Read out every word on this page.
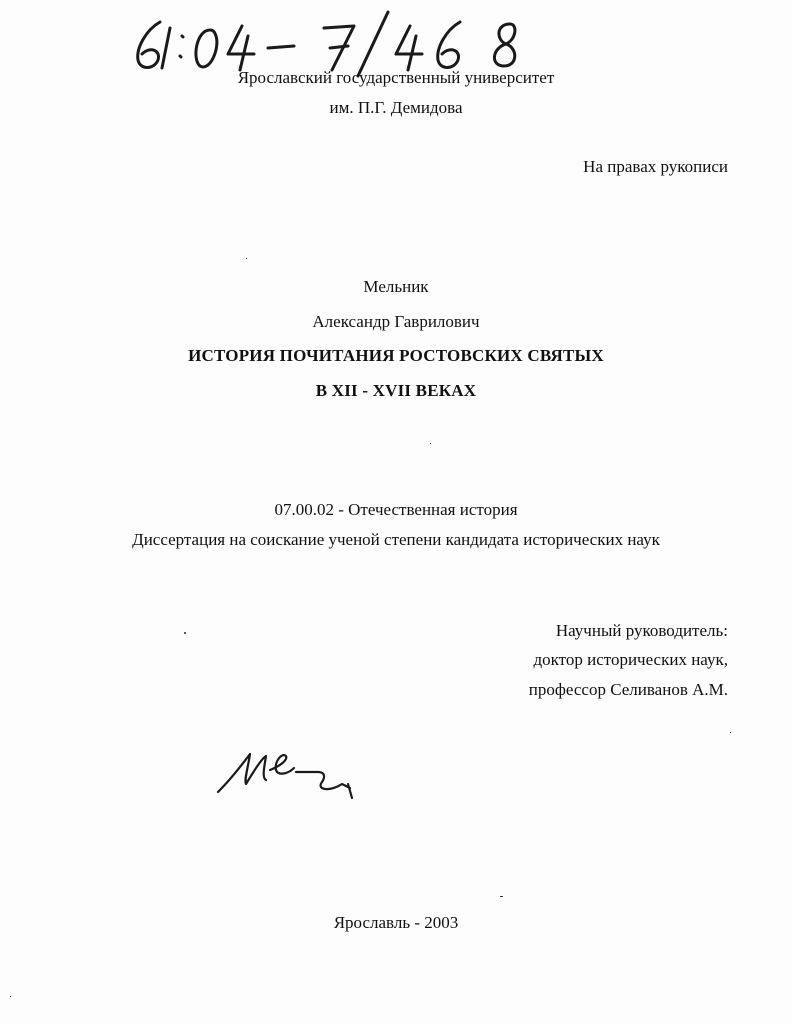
61:04-7/468
Ярославский государственный университет
им. П.Г. Демидова
На правах рукописи
Мельник
Александр Гаврилович
ИСТОРИЯ ПОЧИТАНИЯ РОСТОВСКИХ СВЯТЫХ
В XII - XVII ВЕКАХ
07.00.02 - Отечественная история
Диссертация на соискание ученой степени кандидата исторических наук
Научный руководитель:
доктор исторических наук,
профессор Селиванов А.М.
Ярославль - 2003
